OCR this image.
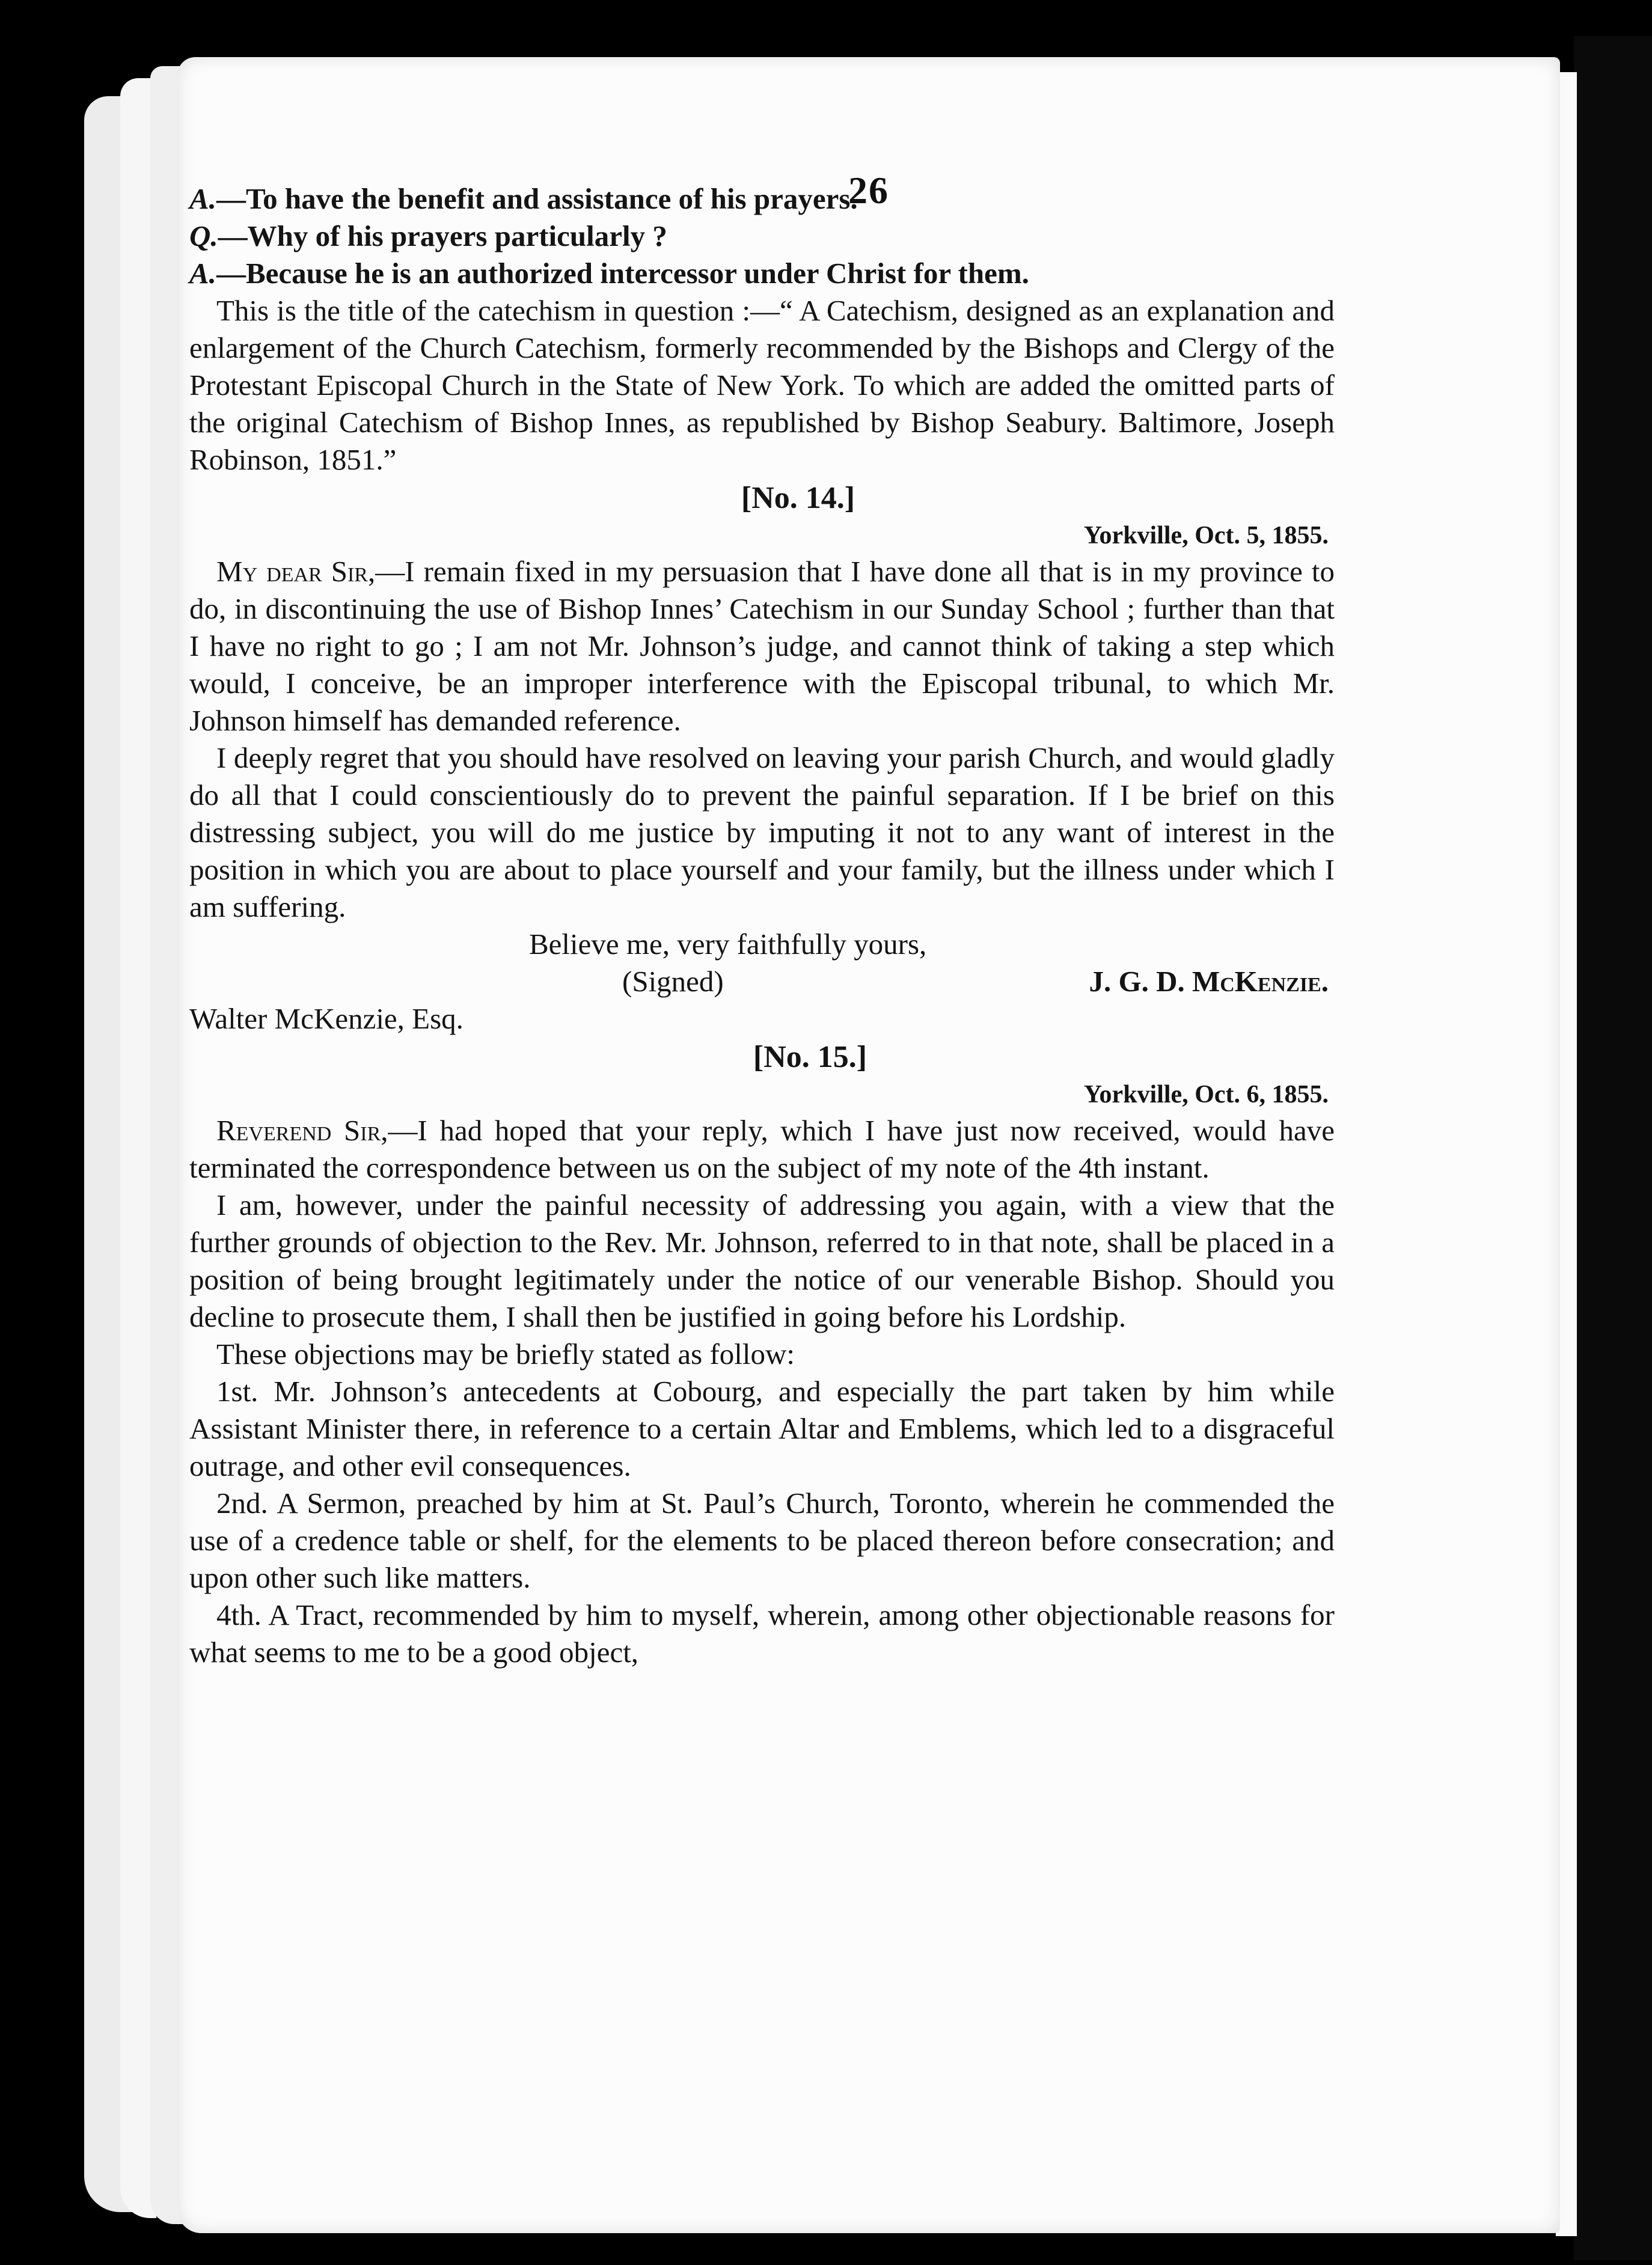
26

A.—To have the benefit and assistance of his prayers.

Q.—Why of his prayers particularly ?

A.—Because he is an authorized intercessor under Christ for them.

This is the title of the catechism in question :—“ A Catechism, designed as an explanation and enlargement of the Church Catechism, formerly recommended by the Bishops and Clergy of the Protestant Episcopal Church in the State of New York. To which are added the omitted parts of the original Catechism of Bishop Innes, as republished by Bishop Seabury. Baltimore, Joseph Robinson, 1851.”

[No. 14.]

Yorkville, Oct. 5, 1855.

My dear Sir,—I remain fixed in my persuasion that I have done all that is in my province to do, in discontinuing the use of Bishop Innes’ Catechism in our Sunday School ; further than that I have no right to go ; I am not Mr. Johnson’s judge, and cannot think of taking a step which would, I conceive, be an improper interference with the Episcopal tribunal, to which Mr. Johnson himself has demanded reference.

I deeply regret that you should have resolved on leaving your parish Church, and would gladly do all that I could conscientiously do to prevent the painful separation. If I be brief on this distressing subject, you will do me justice by imputing it not to any want of interest in the position in which you are about to place yourself and your family, but the illness under which I am suffering.

Believe me, very faithfully yours,

(Signed)	J. G. D. McKenzie.

Walter McKenzie, Esq.

[No. 15.]

Yorkville, Oct. 6, 1855.

Reverend Sir,—I had hoped that your reply, which I have just now received, would have terminated the correspondence between us on the subject of my note of the 4th instant.

I am, however, under the painful necessity of addressing you again, with a view that the further grounds of objection to the Rev. Mr. Johnson, referred to in that note, shall be placed in a position of being brought legitimately under the notice of our venerable Bishop. Should you decline to prosecute them, I shall then be justified in going before his Lordship.

These objections may be briefly stated as follow:

1st. Mr. Johnson’s antecedents at Cobourg, and especially the part taken by him while Assistant Minister there, in reference to a certain Altar and Emblems, which led to a disgraceful outrage, and other evil consequences.

2nd. A Sermon, preached by him at St. Paul’s Church, Toronto, wherein he commended the use of a credence table or shelf, for the elements to be placed thereon before consecration; and upon other such like matters.

4th. A Tract, recommended by him to myself, wherein, among other objectionable reasons for what seems to me to be a good object,
